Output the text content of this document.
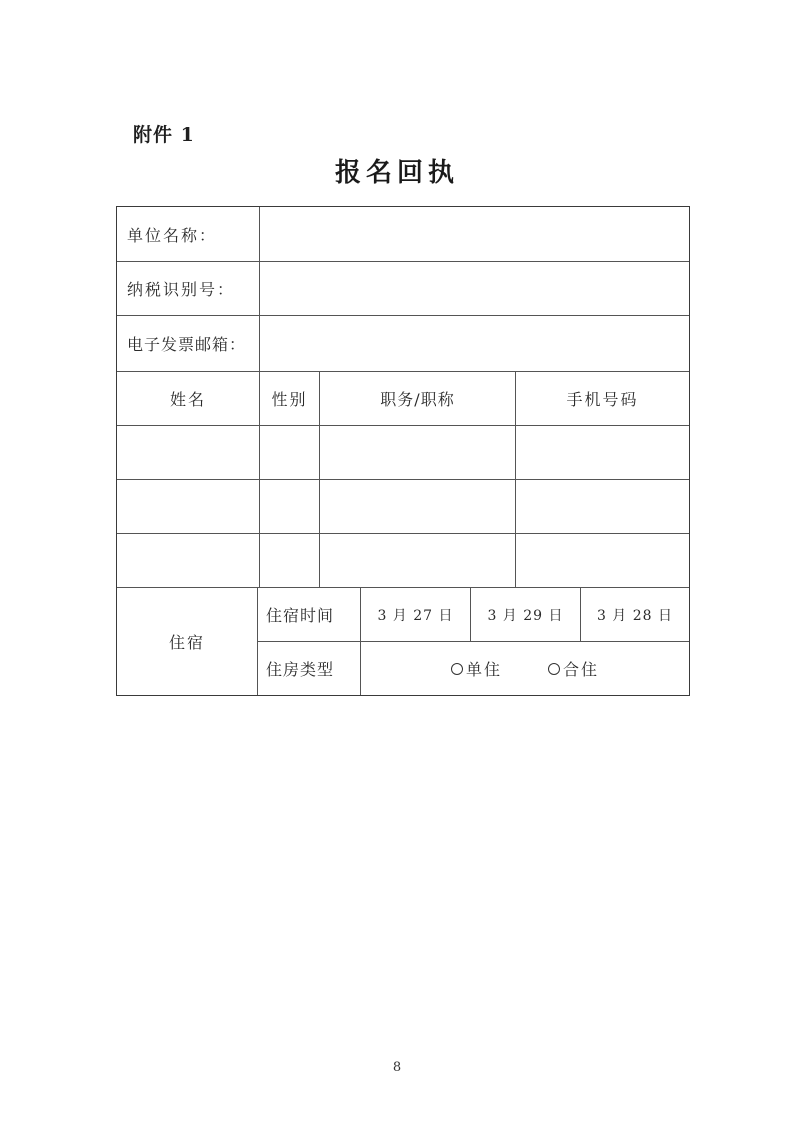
附件 1
报名回执
单位名称：
纳税识别号：
电子发票邮箱：
姓名	性别	职务/职称	手机号码
住宿
住宿时间	3 月 27 日	3 月 29 日	3 月 28 日
住房类型	单住	合住
8
